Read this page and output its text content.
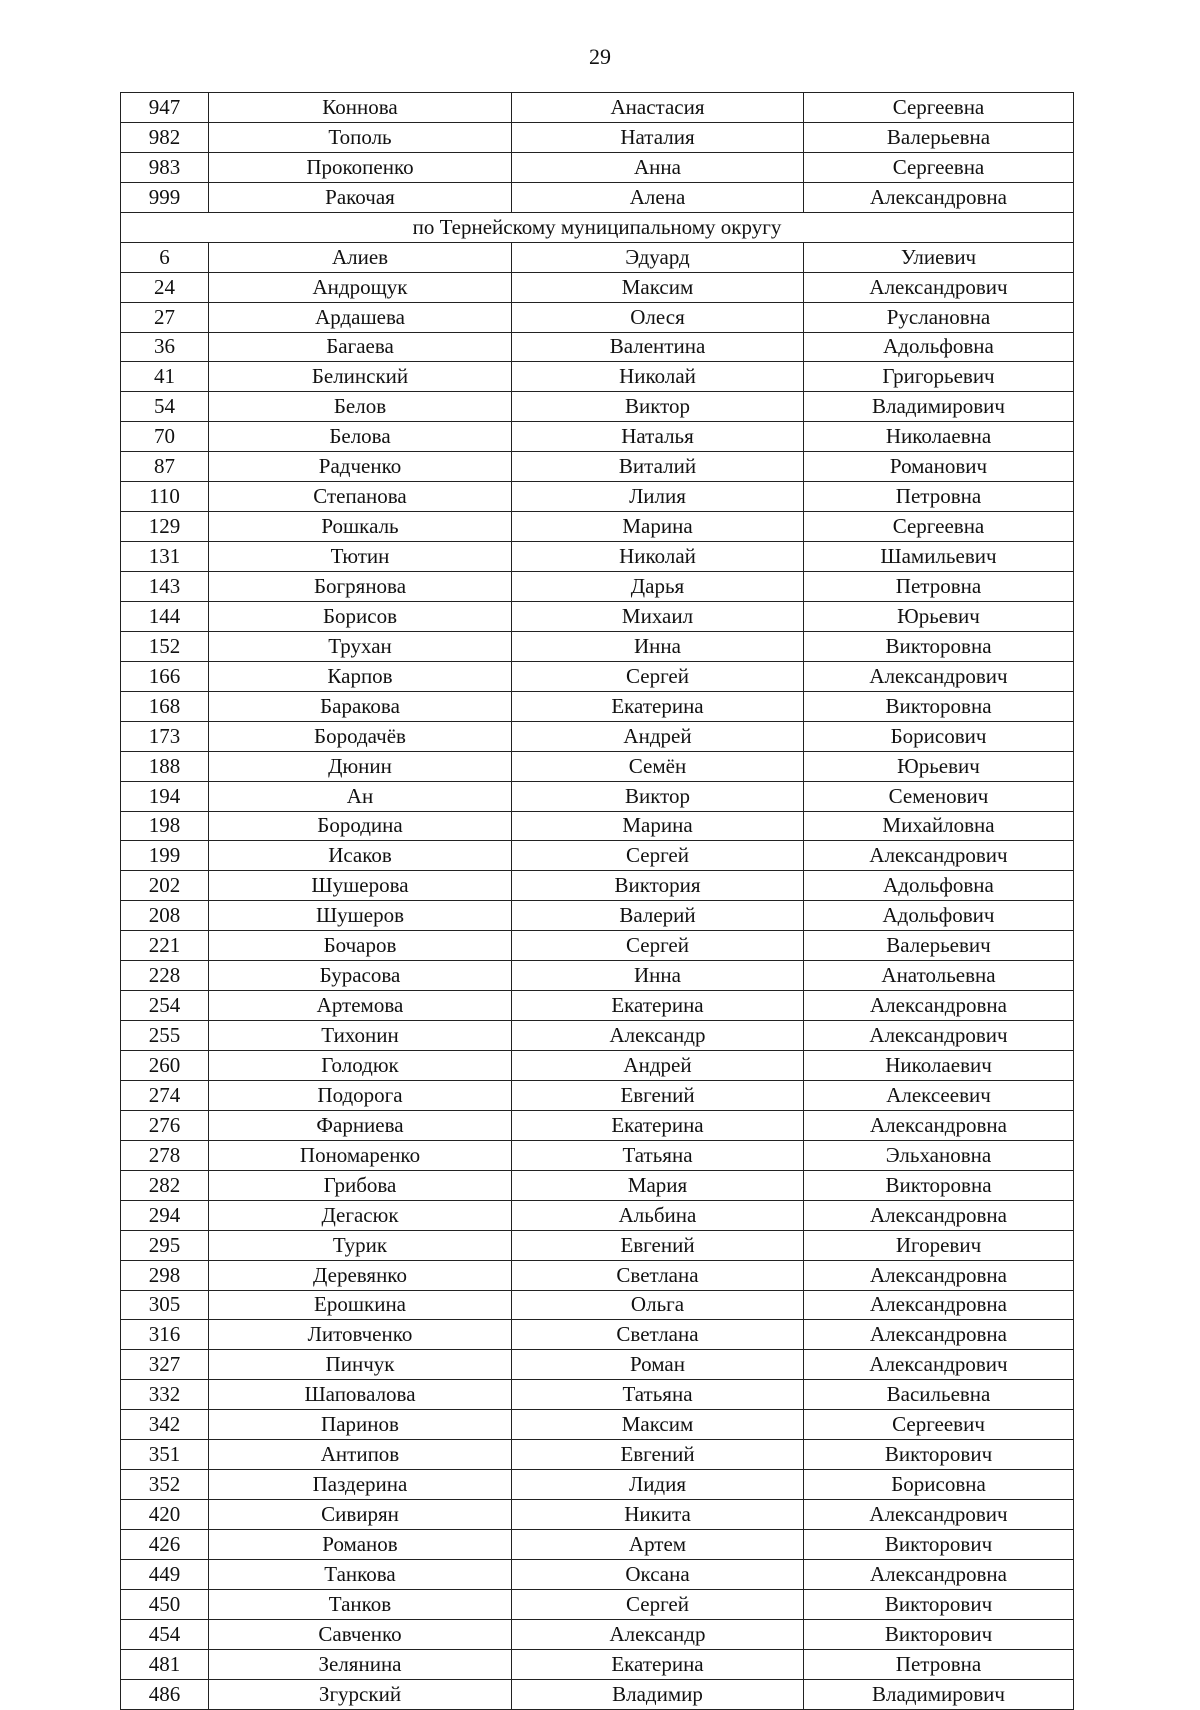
29
947	Коннова	Анастасия	Сергеевна
982	Тополь	Наталия	Валерьевна
983	Прокопенко	Анна	Сергеевна
999	Ракочая	Алена	Александровна
по Тернейскому муниципальному округу			
6	Алиев	Эдуард	Улиевич
24	Андрощук	Максим	Александрович
27	Ардашева	Олеся	Руслановна
36	Багаева	Валентина	Адольфовна
41	Белинский	Николай	Григорьевич
54	Белов	Виктор	Владимирович
70	Белова	Наталья	Николаевна
87	Радченко	Виталий	Романович
110	Степанова	Лилия	Петровна
129	Рошкаль	Марина	Сергеевна
131	Тютин	Николай	Шамильевич
143	Богрянова	Дарья	Петровна
144	Борисов	Михаил	Юрьевич
152	Трухан	Инна	Викторовна
166	Карпов	Сергей	Александрович
168	Баракова	Екатерина	Викторовна
173	Бородачёв	Андрей	Борисович
188	Дюнин	Семён	Юрьевич
194	Ан	Виктор	Семенович
198	Бородина	Марина	Михайловна
199	Исаков	Сергей	Александрович
202	Шушерова	Виктория	Адольфовна
208	Шушеров	Валерий	Адольфович
221	Бочаров	Сергей	Валерьевич
228	Бурасова	Инна	Анатольевна
254	Артемова	Екатерина	Александровна
255	Тихонин	Александр	Александрович
260	Голодюк	Андрей	Николаевич
274	Подорога	Евгений	Алексеевич
276	Фарниева	Екатерина	Александровна
278	Пономаренко	Татьяна	Эльхановна
282	Грибова	Мария	Викторовна
294	Дегасюк	Альбина	Александровна
295	Турик	Евгений	Игоревич
298	Деревянко	Светлана	Александровна
305	Ерошкина	Ольга	Александровна
316	Литовченко	Светлана	Александровна
327	Пинчук	Роман	Александрович
332	Шаповалова	Татьяна	Васильевна
342	Паринов	Максим	Сергеевич
351	Антипов	Евгений	Викторович
352	Паздерина	Лидия	Борисовна
420	Сивирян	Никита	Александрович
426	Романов	Артем	Викторович
449	Танкова	Оксана	Александровна
450	Танков	Сергей	Викторович
454	Савченко	Александр	Викторович
481	Зелянина	Екатерина	Петровна
486	Згурский	Владимир	Владимирович
